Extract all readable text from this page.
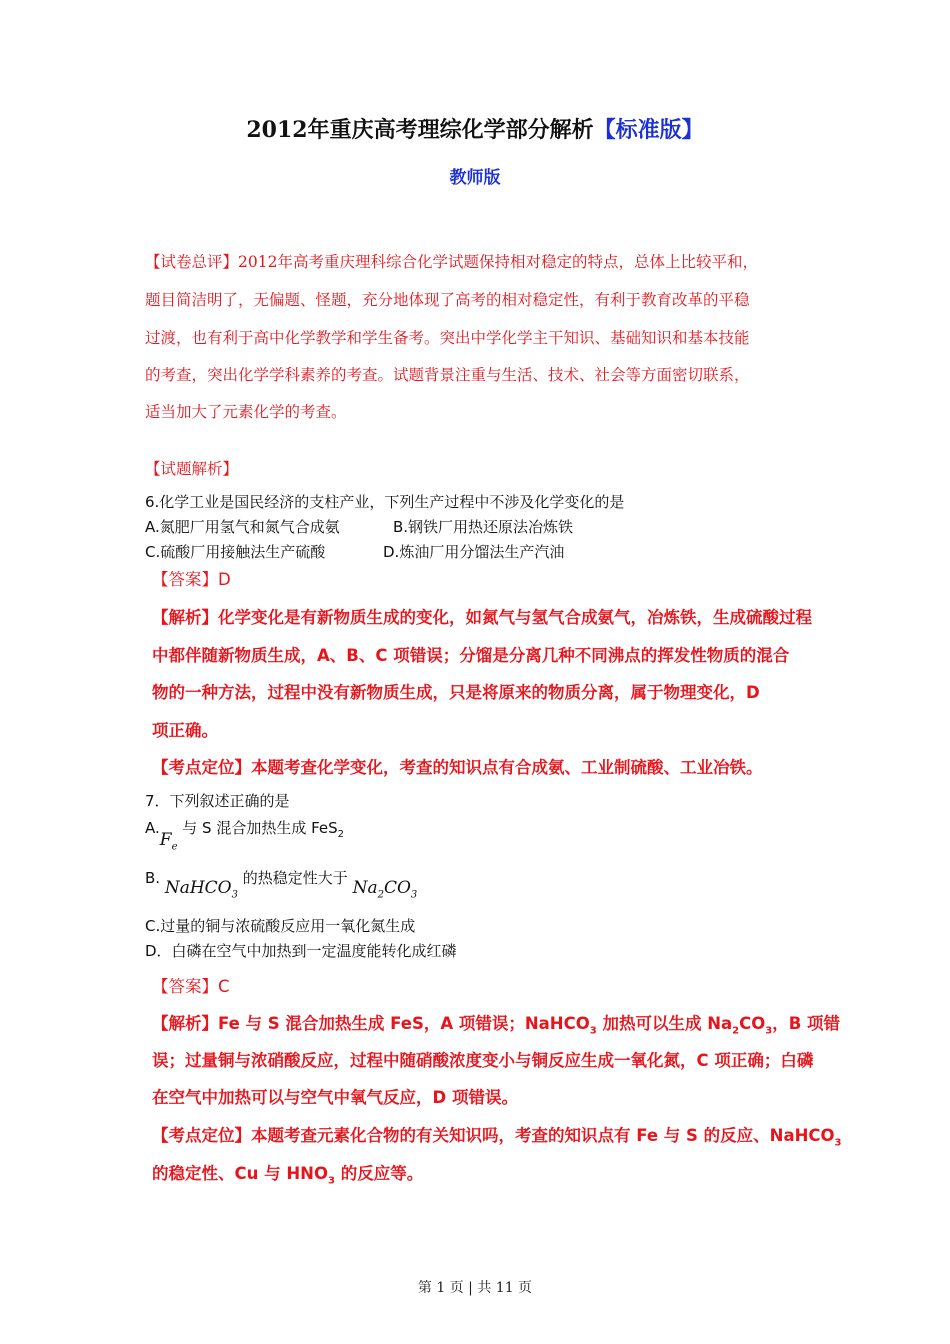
2012年重庆高考理综化学部分解析【标准版】
教师版
【试卷总评】2012年高考重庆理科综合化学试题保持相对稳定的特点，总体上比较平和，
题目简洁明了，无偏题、怪题，充分地体现了高考的相对稳定性，有利于教育改革的平稳
过渡，也有利于高中化学教学和学生备考。突出中学化学主干知识、基础知识和基本技能
的考查，突出化学学科素养的考查。试题背景注重与生活、技术、社会等方面密切联系，
适当加大了元素化学的考查。
【试题解析】
6.化学工业是国民经济的支柱产业，下列生产过程中不涉及化学变化的是
A.氮肥厂用氢气和氮气合成氨	B.钢铁厂用热还原法冶炼铁
C.硫酸厂用接触法生产硫酸	D.炼油厂用分馏法生产汽油
【答案】D
【解析】化学变化是有新物质生成的变化，如氮气与氢气合成氨气，冶炼铁，生成硫酸过程
中都伴随新物质生成，A、B、C 项错误；分馏是分离几种不同沸点的挥发性物质的混合
物的一种方法，过程中没有新物质生成，只是将原来的物质分离，属于物理变化，D
项正确。
【考点定位】本题考查化学变化，考查的知识点有合成氨、工业制硫酸、工业冶铁。
7．下列叙述正确的是
$A.F_e$ 与 S 混合加热生成 FeS$_2$
B. NaHCO$_3$ 的热稳定性大于 $Na_2CO_3$
C.过量的铜与浓硫酸反应用一氧化氮生成
D．白磷在空气中加热到一定温度能转化成红磷
【答案】C
【解析】Fe 与 S 混合加热生成 FeS，A 项错误；NaHCO$_3$ 加热可以生成 $Na_2CO_3$，B 项错
误；过量铜与浓硝酸反应，过程中随硝酸浓度变小与铜反应生成一氧化氮，C 项正确；白磷
在空气中加热可以与空气中氧气反应，D 项错误。
【考点定位】本题考查元素化合物的有关知识吗，考查的知识点有 Fe 与 S 的反应、NaHCO$_3$
的稳定性、Cu 与 $HNO_3$ 的反应等。
第 1 页 | 共 11 页
